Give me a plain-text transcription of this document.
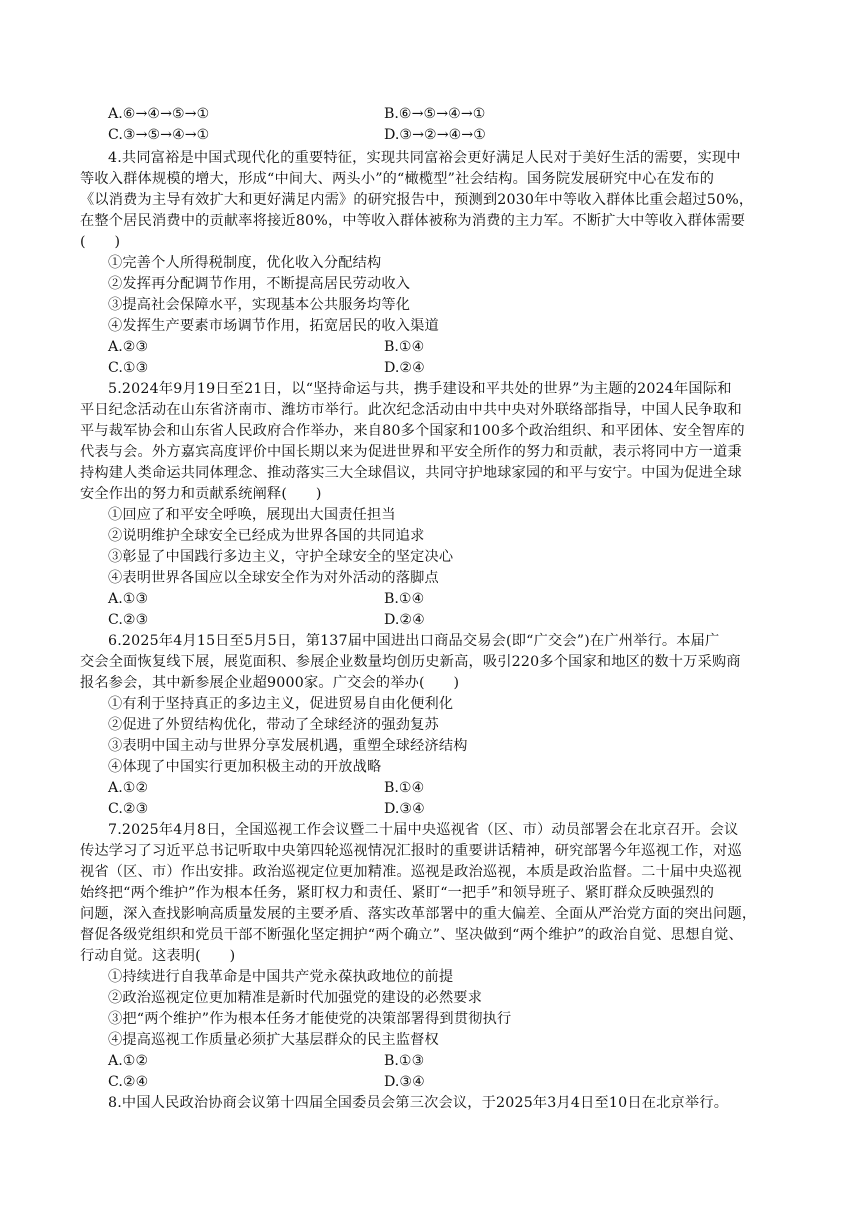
A.⑥→④→⑤→①	B.⑥→⑤→④→①
C.③→⑤→④→①	D.③→②→④→①
4.共同富裕是中国式现代化的重要特征，实现共同富裕会更好满足人民对于美好生活的需要，实现中
等收入群体规模的增大，形成“中间大、两头小”的“橄榄型”社会结构。国务院发展研究中心在发布的
《以消费为主导有效扩大和更好满足内需》的研究报告中，预测到2030年中等收入群体比重会超过50%，
在整个居民消费中的贡献率将接近80%，中等收入群体被称为消费的主力军。不断扩大中等收入群体需要
(　　)
①完善个人所得税制度，优化收入分配结构
②发挥再分配调节作用，不断提高居民劳动收入
③提高社会保障水平，实现基本公共服务均等化
④发挥生产要素市场调节作用，拓宽居民的收入渠道
A.②③	B.①④
C.①③	D.②④
5.2024年9月19日至21日，以“坚持命运与共，携手建设和平共处的世界”为主题的2024年国际和
平日纪念活动在山东省济南市、潍坊市举行。此次纪念活动由中共中央对外联络部指导，中国人民争取和
平与裁军协会和山东省人民政府合作举办，来自80多个国家和100多个政治组织、和平团体、安全智库的
代表与会。外方嘉宾高度评价中国长期以来为促进世界和平安全所作的努力和贡献，表示将同中方一道秉
持构建人类命运共同体理念、推动落实三大全球倡议，共同守护地球家园的和平与安宁。中国为促进全球
安全作出的努力和贡献系统阐释(　　)
①回应了和平安全呼唤，展现出大国责任担当
②说明维护全球安全已经成为世界各国的共同追求
③彰显了中国践行多边主义，守护全球安全的坚定决心
④表明世界各国应以全球安全作为对外活动的落脚点
A.①③	B.①④
C.②③	D.②④
6.2025年4月15日至5月5日，第137届中国进出口商品交易会(即“广交会”)在广州举行。本届广
交会全面恢复线下展，展览面积、参展企业数量均创历史新高，吸引220多个国家和地区的数十万采购商
报名参会，其中新参展企业超9000家。广交会的举办(　　)
①有利于坚持真正的多边主义，促进贸易自由化便利化
②促进了外贸结构优化，带动了全球经济的强劲复苏
③表明中国主动与世界分享发展机遇，重塑全球经济结构
④体现了中国实行更加积极主动的开放战略
A.①②	B.①④
C.②③	D.③④
7.2025年4月8日，全国巡视工作会议暨二十届中央巡视省（区、市）动员部署会在北京召开。会议
传达学习了习近平总书记听取中央第四轮巡视情况汇报时的重要讲话精神，研究部署今年巡视工作，对巡
视省（区、市）作出安排。政治巡视定位更加精准。巡视是政治巡视，本质是政治监督。二十届中央巡视
始终把“两个维护”作为根本任务，紧盯权力和责任、紧盯“一把手”和领导班子、紧盯群众反映强烈的
问题，深入查找影响高质量发展的主要矛盾、落实改革部署中的重大偏差、全面从严治党方面的突出问题，
督促各级党组织和党员干部不断强化坚定拥护“两个确立”、坚决做到“两个维护”的政治自觉、思想自觉、
行动自觉。这表明(　　)
①持续进行自我革命是中国共产党永葆执政地位的前提
②政治巡视定位更加精准是新时代加强党的建设的必然要求
③把“两个维护”作为根本任务才能使党的决策部署得到贯彻执行
④提高巡视工作质量必须扩大基层群众的民主监督权
A.①②	B.①③
C.②④	D.③④
8.中国人民政治协商会议第十四届全国委员会第三次会议，于2025年3月4日至10日在北京举行。
